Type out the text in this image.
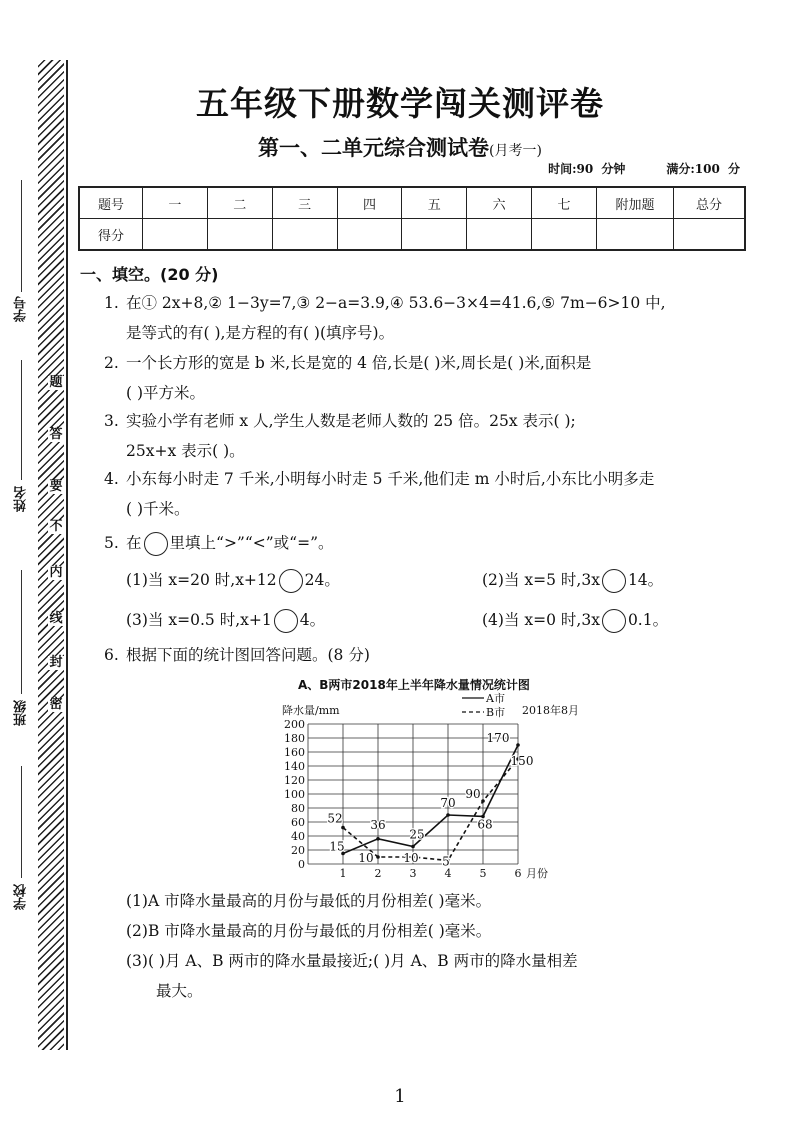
题
答
要
不
内
线
封
密
学号
姓名
班级
学校
五年级下册数学闯关测评卷
第一、二单元综合测试卷(月考一)
时间:90 分钟	满分:100 分
题号	一	二	三	四	五	六	七	附加题	总分
得分									
一、填空。(20 分)
1. 在① 2x+8,② 1−3y=7,③ 2−a=3.9,④ 53.6−3×4=41.6,⑤ 7m−6>10 中,
是等式的有( ),是方程的有( )(填序号)。
2. 一个长方形的宽是 b 米,长是宽的 4 倍,长是( )米,周长是( )米,面积是
( )平方米。
3. 实验小学有老师 x 人,学生人数是老师人数的 25 倍。25x 表示( );
25x+x 表示( )。
4. 小东每小时走 7 千米,小明每小时走 5 千米,他们走 m 小时后,小东比小明多走
( )千米。
5. 在 里填上“>”“<”或“=”。
(1)当 x=20 时,x+12 24。	(2)当 x=5 时,3x 14。
(3)当 x=0.5 时,x+1 4。	(4)当 x=0 时,3x 0.1。
6. 根据下面的统计图回答问题。(8 分)
A、B两市2018年上半年降水量情况统计图
0
20
40
60
80
100
120
140
160
180
200
1	2	3	4	5	6 月份
降水量/mm	2018年8月
A市
B市
15
36
25
70
68
170
52
10 10 5
90
150
(1)A 市降水量最高的月份与最低的月份相差( )毫米。
(2)B 市降水量最高的月份与最低的月份相差( )毫米。
(3)( )月 A、B 两市的降水量最接近;( )月 A、B 两市的降水量相差
最大。
1
